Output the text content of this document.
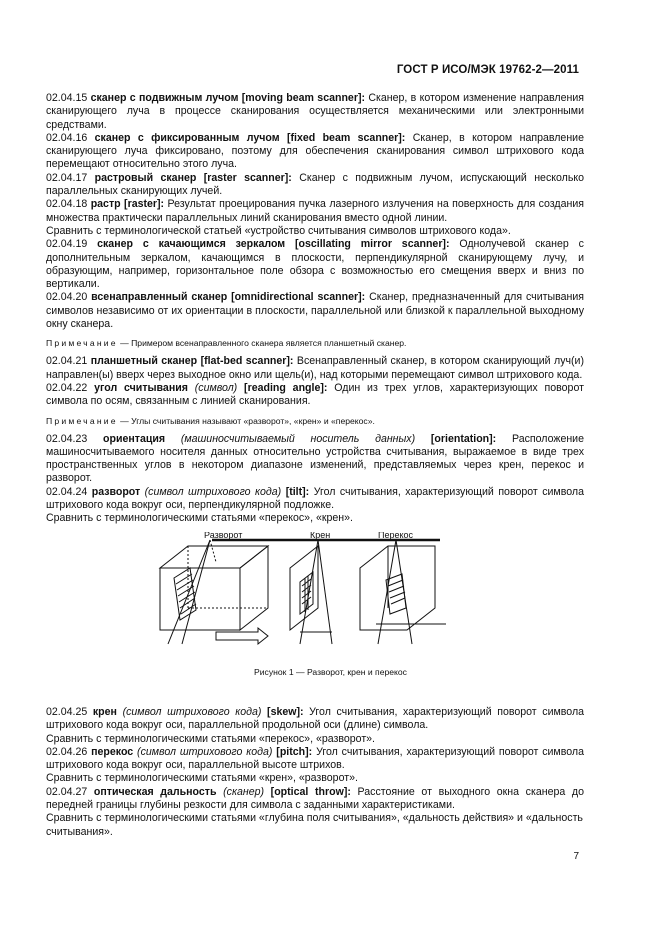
ГОСТ Р ИСО/МЭК 19762-2—2011

02.04.15 сканер с подвижным лучом [moving beam scanner]: Сканер, в котором изменение направления сканирующего луча в процессе сканирования осуществляется механическими или электронными средствами.

02.04.16 сканер с фиксированным лучом [fixed beam scanner]: Сканер, в котором направление сканирующего луча фиксировано, поэтому для обеспечения сканирования символ штрихового кода перемещают относительно этого луча.

02.04.17 растровый сканер [raster scanner]: Сканер с подвижным лучом, испускающий несколько параллельных сканирующих лучей.

02.04.18 растр [raster]: Результат проецирования пучка лазерного излучения на поверхность для создания множества практически параллельных линий сканирования вместо одной линии.

Сравнить с терминологической статьей «устройство считывания символов штрихового кода».

02.04.19 сканер с качающимся зеркалом [oscillating mirror scanner]: Однолучевой сканер с дополнительным зеркалом, качающимся в плоскости, перпендикулярной сканирующему лучу, и образующим, например, горизонтальное поле обзора с возможностью его смещения вверх и вниз по вертикали.

02.04.20 всенаправленный сканер [omnidirectional scanner]: Сканер, предназначенный для считывания символов независимо от их ориентации в плоскости, параллельной или близкой к параллельной выходному окну сканера.

Примечание — Примером всенаправленного сканера является планшетный сканер.

02.04.21 планшетный сканер [flat-bed scanner]: Всенаправленный сканер, в котором сканирующий луч(и) направлен(ы) вверх через выходное окно или щель(и), над которыми перемещают символ штрихового кода.

02.04.22 угол считывания (символ) [reading angle]: Один из трех углов, характеризующих поворот символа по осям, связанным с линией сканирования.

Примечание — Углы считывания называют «разворот», «крен» и «перекос».

02.04.23 ориентация (машиносчитываемый носитель данных) [orientation]: Расположение машиносчитываемого носителя данных относительно устройства считывания, выражаемое в виде трех пространственных углов в некотором диапазоне изменений, представляемых через крен, перекос и разворот.

02.04.24 разворот (символ штрихового кода) [tilt]: Угол считывания, характеризующий поворот символа штрихового кода вокруг оси, перпендикулярной подложке.

Сравнить с терминологическими статьями «перекос», «крен».

Разворот	Крен	Перекос
Рисунок 1 — Разворот, крен и перекос

02.04.25 крен (символ штрихового кода) [skew]: Угол считывания, характеризующий поворот символа штрихового кода вокруг оси, параллельной продольной оси (длине) символа.

Сравнить с терминологическими статьями «перекос», «разворот».

02.04.26 перекос (символ штрихового кода) [pitch]: Угол считывания, характеризующий поворот символа штрихового кода вокруг оси, параллельной высоте штрихов.

Сравнить с терминологическими статьями «крен», «разворот».

02.04.27 оптическая дальность (сканер) [optical throw]: Расстояние от выходного окна сканера до передней границы глубины резкости для символа с заданными характеристиками.

Сравнить с терминологическими статьями «глубина поля считывания», «дальность действия» и «дальность считывания».

7
